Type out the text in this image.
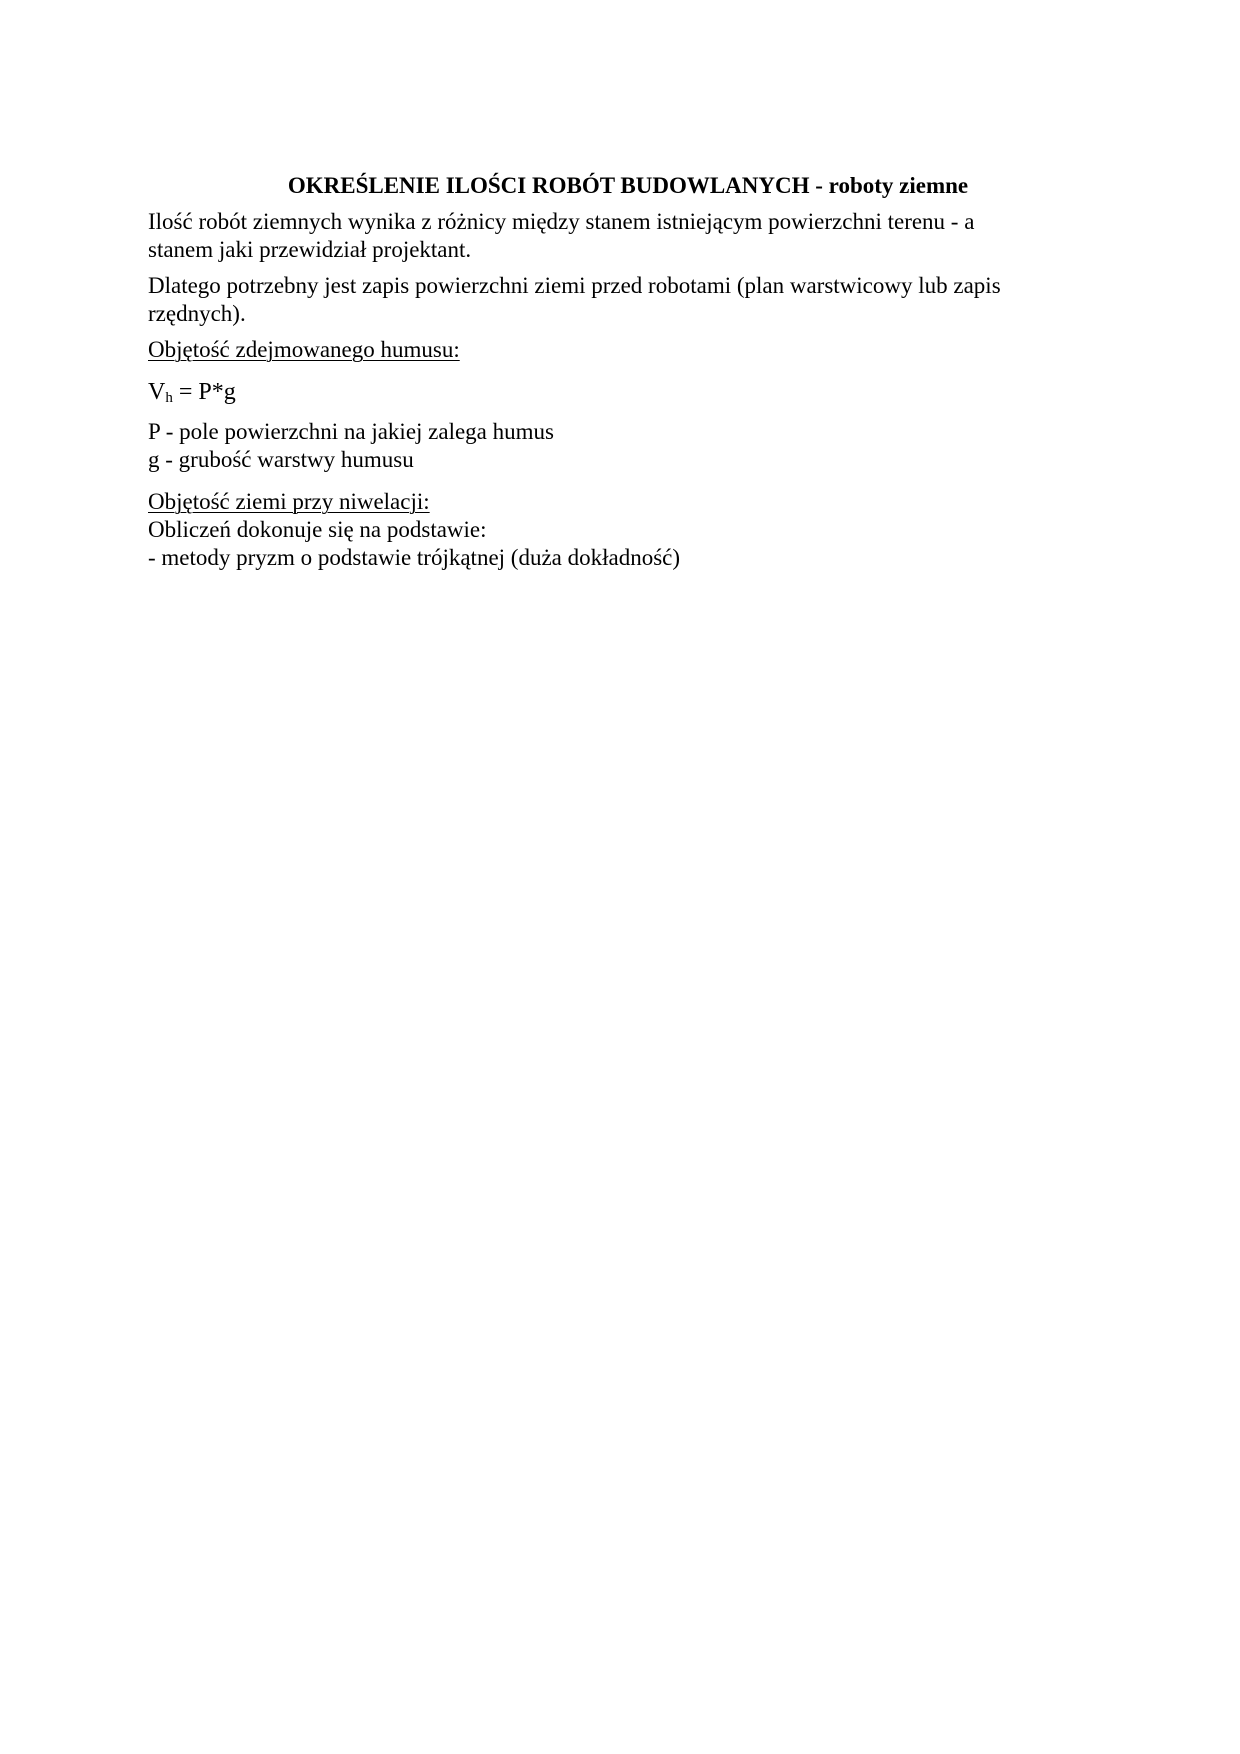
OKREŚLENIE ILOŚCI ROBÓT BUDOWLANYCH - roboty ziemne
Ilość robót ziemnych wynika z różnicy między stanem istniejącym powierzchni terenu - a
stanem jaki przewidział projektant.
Dlatego potrzebny jest zapis powierzchni ziemi przed robotami (plan warstwicowy lub zapis
rzędnych).
Objętość zdejmowanego humusu:
$V_h = P*g$
P - pole powierzchni na jakiej zalega humus
g - grubość warstwy humusu
Objętość ziemi przy niwelacji:
Obliczeń dokonuje się na podstawie:
- metody pryzm o podstawie trójkątnej (duża dokładność)
